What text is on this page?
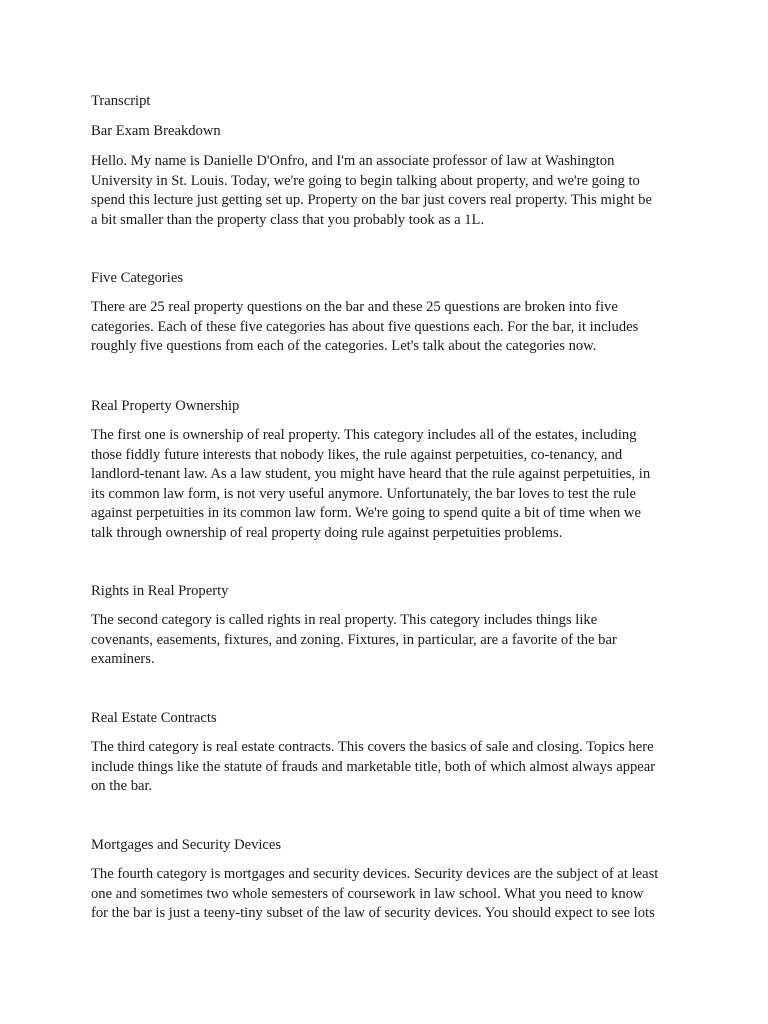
Transcript

Bar Exam Breakdown

Hello. My name is Danielle D'Onfro, and I'm an associate professor of law at Washington
University in St. Louis. Today, we're going to begin talking about property, and we're going to
spend this lecture just getting set up. Property on the bar just covers real property. This might be
a bit smaller than the property class that you probably took as a 1L.

Five Categories

There are 25 real property questions on the bar and these 25 questions are broken into five
categories. Each of these five categories has about five questions each. For the bar, it includes
roughly five questions from each of the categories. Let's talk about the categories now.

Real Property Ownership

The first one is ownership of real property. This category includes all of the estates, including
those fiddly future interests that nobody likes, the rule against perpetuities, co-tenancy, and
landlord-tenant law. As a law student, you might have heard that the rule against perpetuities, in
its common law form, is not very useful anymore. Unfortunately, the bar loves to test the rule
against perpetuities in its common law form. We're going to spend quite a bit of time when we
talk through ownership of real property doing rule against perpetuities problems.

Rights in Real Property

The second category is called rights in real property. This category includes things like
covenants, easements, fixtures, and zoning. Fixtures, in particular, are a favorite of the bar
examiners.

Real Estate Contracts

The third category is real estate contracts. This covers the basics of sale and closing. Topics here
include things like the statute of frauds and marketable title, both of which almost always appear
on the bar.

Mortgages and Security Devices

The fourth category is mortgages and security devices. Security devices are the subject of at least
one and sometimes two whole semesters of coursework in law school. What you need to know
for the bar is just a teeny-tiny subset of the law of security devices. You should expect to see lots
